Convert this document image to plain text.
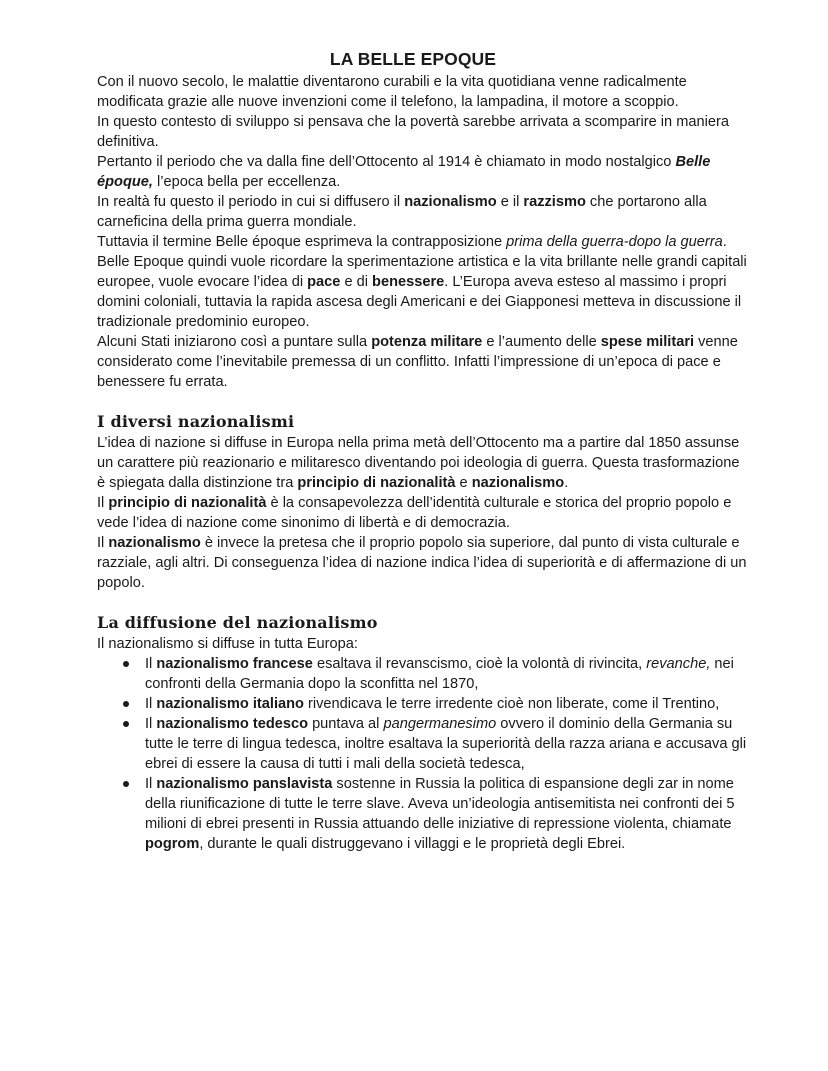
LA BELLE EPOQUE

Con il nuovo secolo, le malattie diventarono curabili e la vita quotidiana venne radicalmente modificata grazie alle nuove invenzioni come il telefono, la lampadina, il motore a scoppio.

In questo contesto di sviluppo si pensava che la povertà sarebbe arrivata a scomparire in maniera definitiva.

Pertanto il periodo che va dalla fine dell’Ottocento al 1914 è chiamato in modo nostalgico Belle époque, l’epoca bella per eccellenza.

In realtà fu questo il periodo in cui si diffusero il nazionalismo e il razzismo che portarono alla carneficina della prima guerra mondiale.

Tuttavia il termine Belle époque esprimeva la contrapposizione prima della guerra-dopo la guerra. Belle Epoque quindi vuole ricordare la sperimentazione artistica e la vita brillante nelle grandi capitali europee, vuole evocare l’idea di pace e di benessere. L’Europa aveva esteso al massimo i propri domini coloniali, tuttavia la rapida ascesa degli Americani e dei Giapponesi metteva in discussione il tradizionale predominio europeo.

Alcuni Stati iniziarono così a puntare sulla potenza militare e l’aumento delle spese militari venne considerato come l’inevitabile premessa di un conflitto. Infatti l’impressione di un’epoca di pace e benessere fu errata.

I diversi nazionalismi

L’idea di nazione si diffuse in Europa nella prima metà dell’Ottocento ma a partire dal 1850 assunse un carattere più reazionario e militaresco diventando poi ideologia di guerra. Questa trasformazione è spiegata dalla distinzione tra principio di nazionalità e nazionalismo.

Il principio di nazionalità è la consapevolezza dell’identità culturale e storica del proprio popolo e vede l’idea di nazione come sinonimo di libertà e di democrazia.

Il nazionalismo è invece la pretesa che il proprio popolo sia superiore, dal punto di vista culturale e razziale, agli altri. Di conseguenza l’idea di nazione indica l’idea di superiorità e di affermazione di un popolo.

La diffusione del nazionalismo

Il nazionalismo si diffuse in tutta Europa:

Il nazionalismo francese esaltava il revanscismo, cioè la volontà di rivincita, revanche, nei confronti della Germania dopo la sconfitta nel 1870,
Il nazionalismo italiano rivendicava le terre irredente cioè non liberate, come il Trentino,
Il nazionalismo tedesco puntava al pangermanesimo ovvero il dominio della Germania su tutte le terre di lingua tedesca, inoltre esaltava la superiorità della razza ariana e accusava gli ebrei di essere la causa di tutti i mali della società tedesca,
Il nazionalismo panslavista sostenne in Russia la politica di espansione degli zar in nome della riunificazione di tutte le terre slave. Aveva un’ideologia antisemitista nei confronti dei 5 milioni di ebrei presenti in Russia attuando delle iniziative di repressione violenta, chiamate pogrom, durante le quali distruggevano i villaggi e le proprietà degli Ebrei.
